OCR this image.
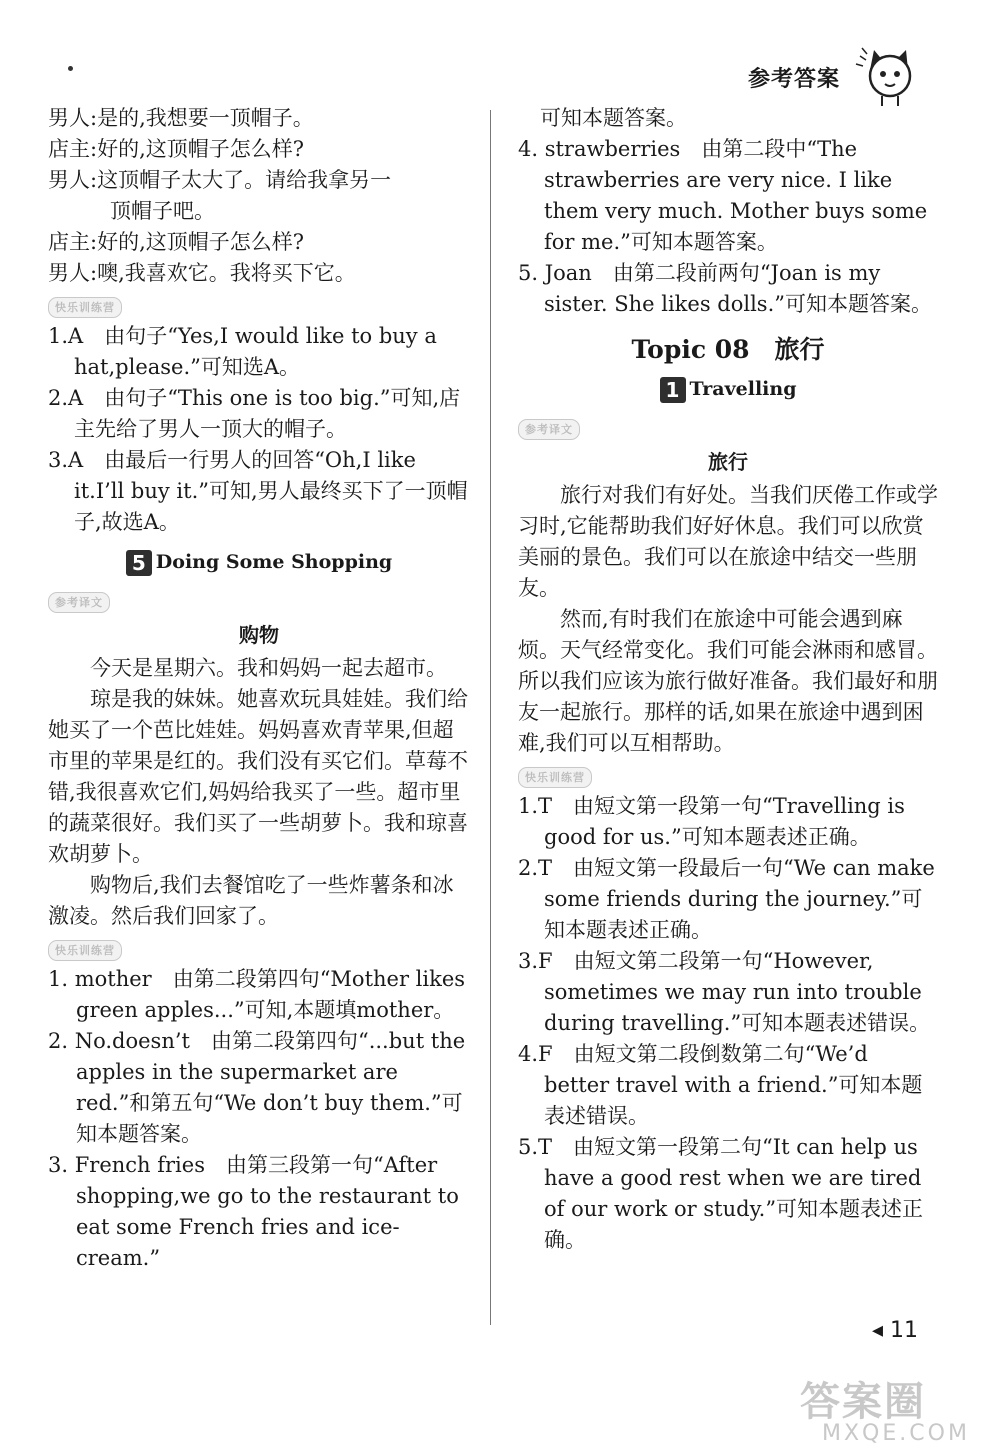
参考答案

男人:是的,我想要一顶帽子。

店主:好的,这顶帽子怎么样?

男人:这顶帽子太大了。请给我拿另一

顶帽子吧。

店主:好的,这顶帽子怎么样?

男人:噢,我喜欢它。我将买下它。

快乐训练营

1.A　由句子“Yes,I would like to buy a hat,please.”可知选A。

2.A　由句子“This one is too big.”可知,店主先给了男人一顶大的帽子。

3.A　由最后一行男人的回答“Oh,I like it.I’ll buy it.”可知,男人最终买下了一顶帽子,故选A。

5 Doing Some Shopping
参考译文
购物

今天是星期六。我和妈妈一起去超市。

琼是我的妹妹。她喜欢玩具娃娃。我们给她买了一个芭比娃娃。妈妈喜欢青苹果,但超市里的苹果是红的。我们没有买它们。草莓不错,我很喜欢它们,妈妈给我买了一些。超市里的蔬菜很好。我们买了一些胡萝卜。我和琼喜欢胡萝卜。

购物后,我们去餐馆吃了一些炸薯条和冰激凌。然后我们回家了。

快乐训练营

1. mother　由第二段第四句“Mother likes green apples...”可知,本题填mother。

2. No.doesn’t　由第二段第四句“...but the apples in the supermarket are red.”和第五句“We don’t buy them.”可知本题答案。

3. French fries　由第三段第一句“After shopping,we go to the restaurant to eat some French fries and ice-cream.”

可知本题答案。

4. strawberries　由第二段中“The strawberries are very nice. I like them very much. Mother buys some for me.”可知本题答案。

5. Joan　由第二段前两句“Joan is my sister. She likes dolls.”可知本题答案。

Topic 08　旅行
1 Travelling
参考译文
旅行

旅行对我们有好处。当我们厌倦工作或学习时,它能帮助我们好好休息。我们可以欣赏美丽的景色。我们可以在旅途中结交一些朋友。

然而,有时我们在旅途中可能会遇到麻烦。天气经常变化。我们可能会淋雨和感冒。所以我们应该为旅行做好准备。我们最好和朋友一起旅行。那样的话,如果在旅途中遇到困难,我们可以互相帮助。

快乐训练营

1.T　由短文第一段第一句“Travelling is good for us.”可知本题表述正确。

2.T　由短文第一段最后一句“We can make some friends during the journey.”可知本题表述正确。

3.F　由短文第二段第一句“However, sometimes we may run into trouble during travelling.”可知本题表述错误。

4.F　由短文第二段倒数第二句“We’d better travel with a friend.”可知本题表述错误。

5.T　由短文第一段第二句“It can help us have a good rest when we are tired of our work or study.”可知本题表述正确。

◂ 11
答案圈
MXQE.COM
